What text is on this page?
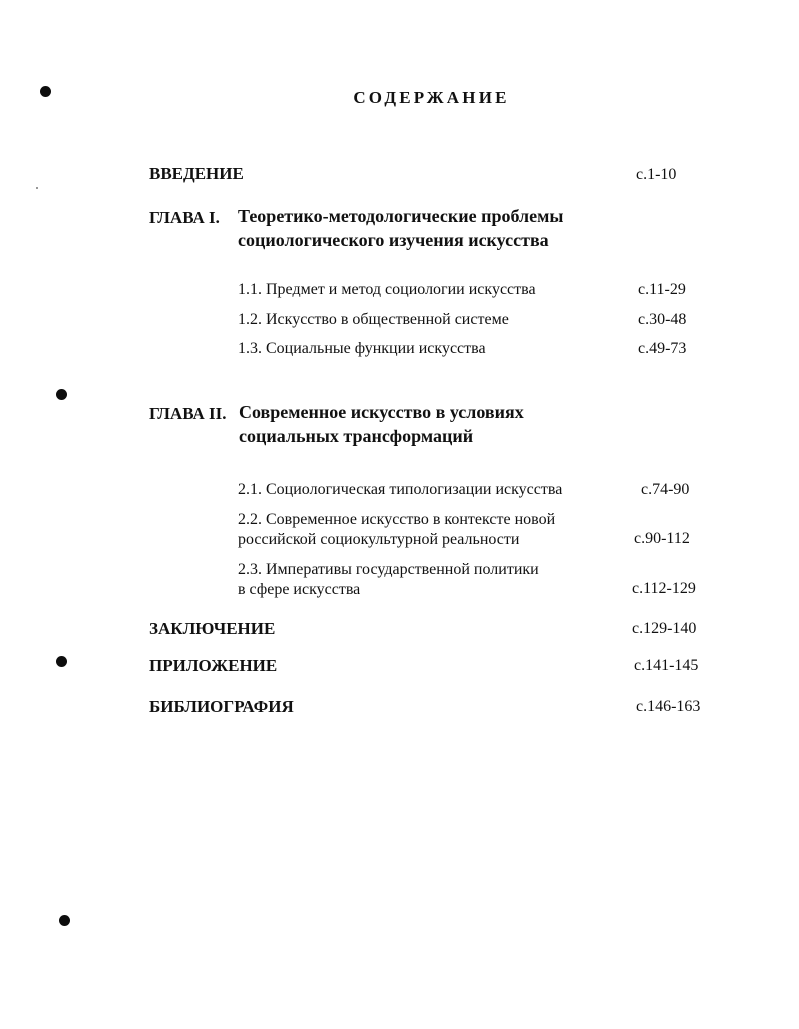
СОДЕРЖАНИЕ
ВВЕДЕНИЕ	с.1-10
ГЛАВА I. Теоретико-методологические проблемы
социологического изучения искусства
1.1. Предмет и метод социологии искусства	с.11-29
1.2. Искусство в общественной системе	с.30-48
1.3. Социальные функции искусства	с.49-73
ГЛАВА II. Современное искусство в условиях
социальных трансформаций
2.1. Социологическая типологизации искусства	с.74-90
2.2. Современное искусство в контексте новой
российской социокультурной реальности	с.90-112
2.3. Императивы государственной политики
в сфере искусства	с.112-129
ЗАКЛЮЧЕНИЕ	с.129-140
ПРИЛОЖЕНИЕ	с.141-145
БИБЛИОГРАФИЯ	с.146-163
